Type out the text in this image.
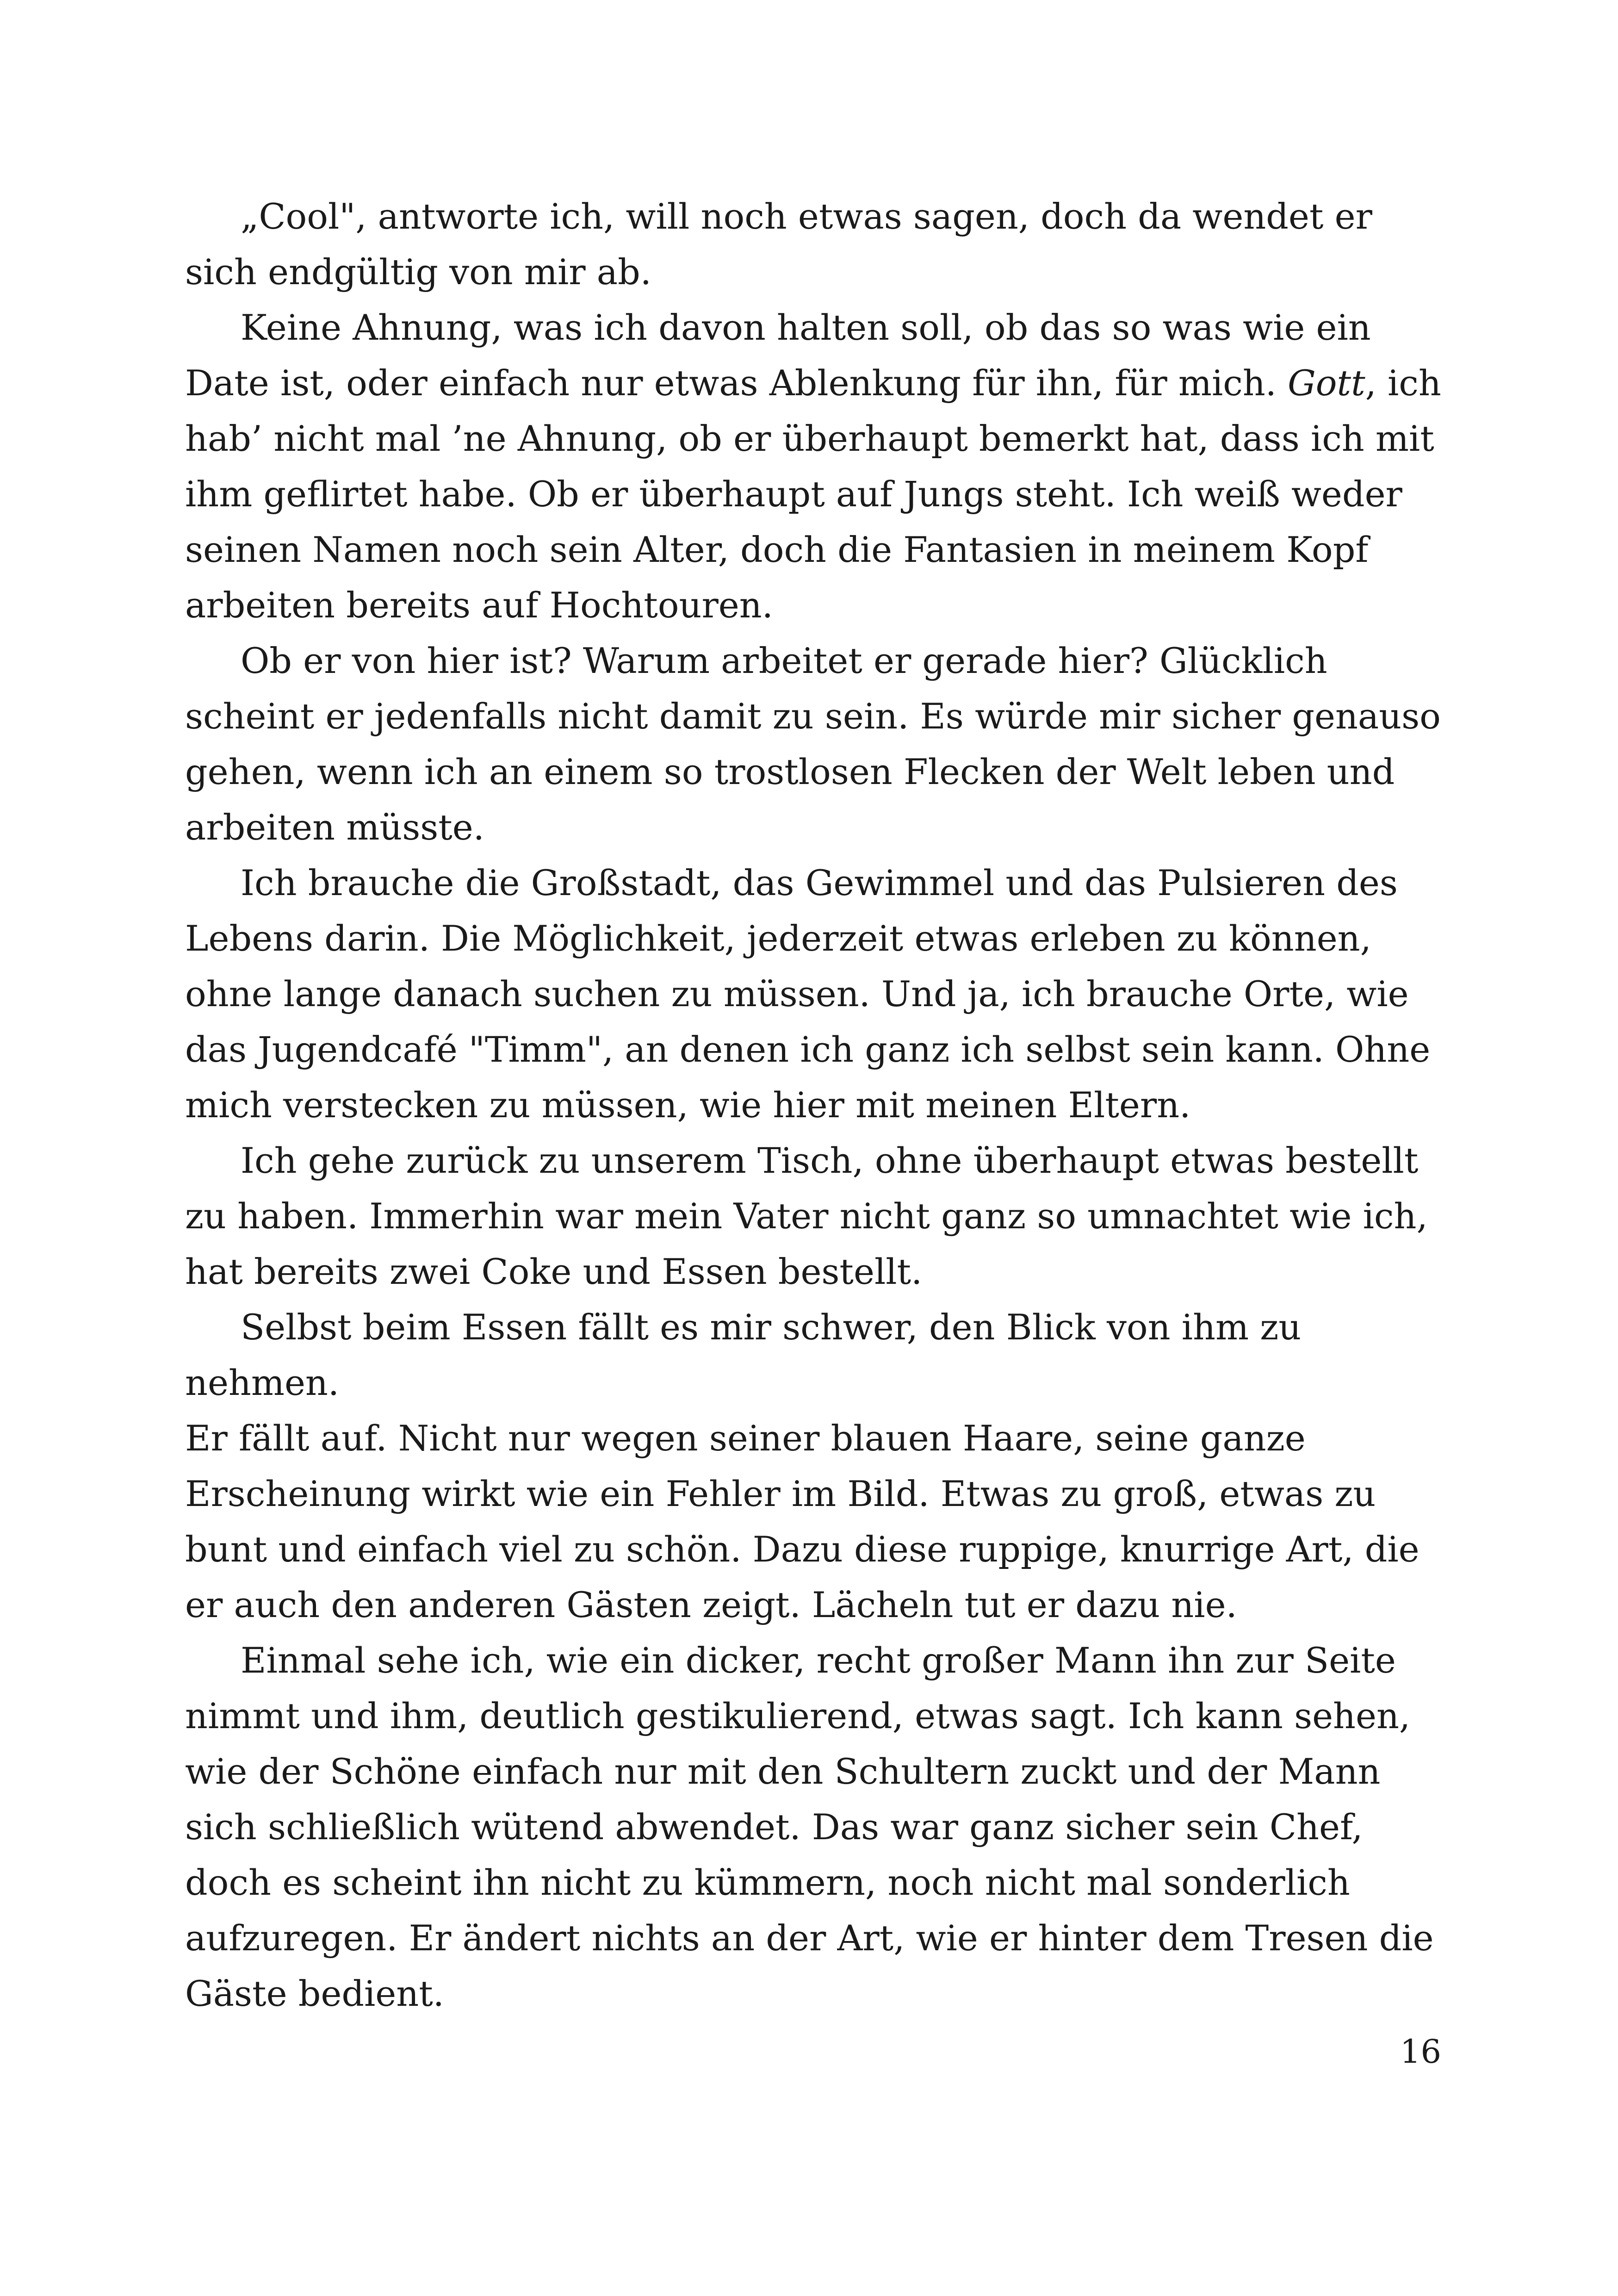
„Cool", antworte ich, will noch etwas sagen, doch da wendet er sich endgültig von mir ab.

Keine Ahnung, was ich davon halten soll, ob das so was wie ein Date ist, oder einfach nur etwas Ablenkung für ihn, für mich. Gott, ich hab’ nicht mal ’ne Ahnung, ob er überhaupt bemerkt hat, dass ich mit ihm geflirtet habe. Ob er überhaupt auf Jungs steht. Ich weiß weder seinen Namen noch sein Alter, doch die Fantasien in meinem Kopf arbeiten bereits auf Hochtouren.

Ob er von hier ist? Warum arbeitet er gerade hier? Glücklich scheint er jedenfalls nicht damit zu sein. Es würde mir sicher genauso gehen, wenn ich an einem so trostlosen Flecken der Welt leben und arbeiten müsste.

Ich brauche die Großstadt, das Gewimmel und das Pulsieren des Lebens darin. Die Möglichkeit, jederzeit etwas erleben zu können, ohne lange danach suchen zu müssen. Und ja, ich brauche Orte, wie das Jugendcafé "Timm", an denen ich ganz ich selbst sein kann. Ohne mich verstecken zu müssen, wie hier mit meinen Eltern.

Ich gehe zurück zu unserem Tisch, ohne überhaupt etwas bestellt zu haben. Immerhin war mein Vater nicht ganz so umnachtet wie ich, hat bereits zwei Coke und Essen bestellt.

Selbst beim Essen fällt es mir schwer, den Blick von ihm zu nehmen.

Er fällt auf. Nicht nur wegen seiner blauen Haare, seine ganze Erscheinung wirkt wie ein Fehler im Bild. Etwas zu groß, etwas zu bunt und einfach viel zu schön. Dazu diese ruppige, knurrige Art, die er auch den anderen Gästen zeigt. Lächeln tut er dazu nie.

Einmal sehe ich, wie ein dicker, recht großer Mann ihn zur Seite nimmt und ihm, deutlich gestikulierend, etwas sagt. Ich kann sehen, wie der Schöne einfach nur mit den Schultern zuckt und der Mann sich schließlich wütend abwendet. Das war ganz sicher sein Chef, doch es scheint ihn nicht zu kümmern, noch nicht mal sonderlich aufzuregen. Er ändert nichts an der Art, wie er hinter dem Tresen die Gäste bedient.

16
